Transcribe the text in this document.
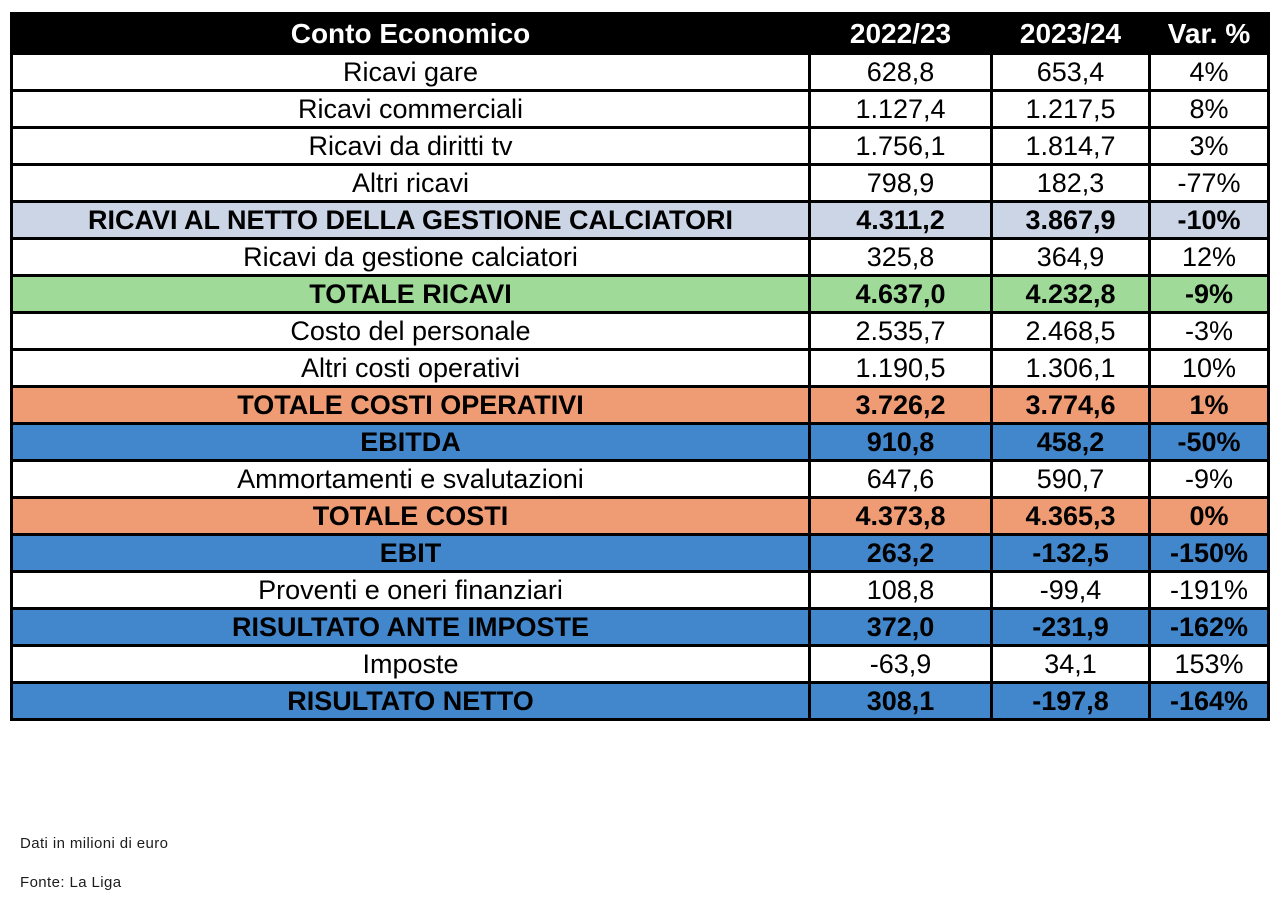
Conto Economico	2022/23	2023/24	Var. %
Ricavi gare	628,8	653,4	4%
Ricavi commerciali	1.127,4	1.217,5	8%
Ricavi da diritti tv	1.756,1	1.814,7	3%
Altri ricavi	798,9	182,3	-77%
RICAVI AL NETTO DELLA GESTIONE CALCIATORI	4.311,2	3.867,9	-10%
Ricavi da gestione calciatori	325,8	364,9	12%
TOTALE RICAVI	4.637,0	4.232,8	-9%
Costo del personale	2.535,7	2.468,5	-3%
Altri costi operativi	1.190,5	1.306,1	10%
TOTALE COSTI OPERATIVI	3.726,2	3.774,6	1%
EBITDA	910,8	458,2	-50%
Ammortamenti e svalutazioni	647,6	590,7	-9%
TOTALE COSTI	4.373,8	4.365,3	0%
EBIT	263,2	-132,5	-150%
Proventi e oneri finanziari	108,8	-99,4	-191%
RISULTATO ANTE IMPOSTE	372,0	-231,9	-162%
Imposte	-63,9	34,1	153%
RISULTATO NETTO	308,1	-197,8	-164%
Dati in milioni di euro
Fonte: La Liga
